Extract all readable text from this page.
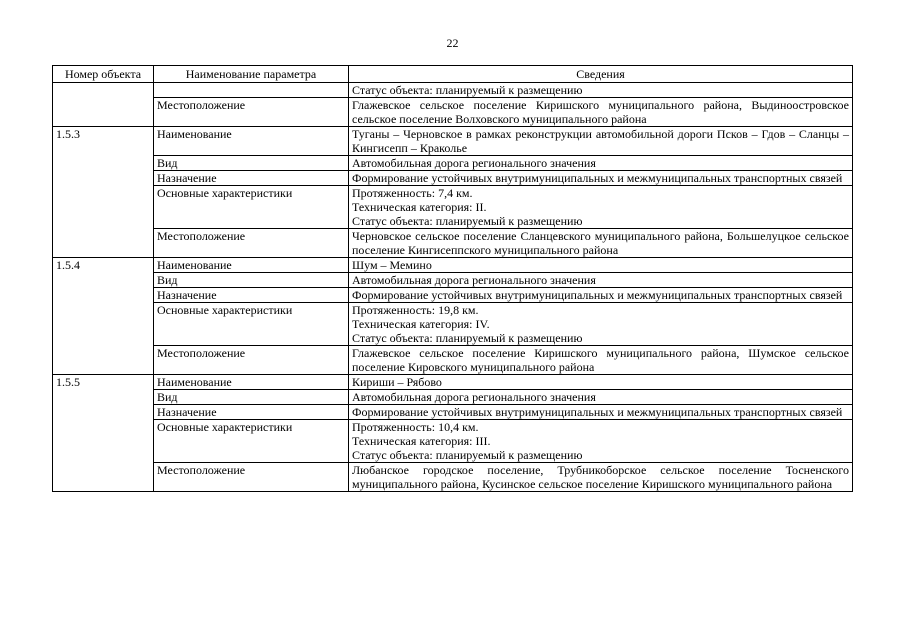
22
Номер объекта	Наименование параметра	Сведения
		Статус объекта: планируемый к размещению
	Местоположение	Глажевское сельское поселение Киришского муниципального района, Выдиноостровское сельское поселение Волховского муниципального района
1.5.3	Наименование	Туганы – Черновское в рамках реконструкции автомобильной дороги Псков – Гдов – Сланцы – Кингисепп – Краколье
	Вид	Автомобильная дорога регионального значения
	Назначение	Формирование устойчивых внутримуниципальных и межмуниципальных транспортных связей
	Основные характеристики	Протяженность: 7,4 км.
Техническая категория: II.
Статус объекта: планируемый к размещению

	Местоположение	Черновское сельское поселение Сланцевского муниципального района, Большелуцкое сельское поселение Кингисеппского муниципального района
1.5.4	Наименование	Шум – Мемино
	Вид	Автомобильная дорога регионального значения
	Назначение	Формирование устойчивых внутримуниципальных и межмуниципальных транспортных связей
	Основные характеристики	Протяженность: 19,8 км.
Техническая категория: IV.
Статус объекта: планируемый к размещению

	Местоположение	Глажевское сельское поселение Киришского муниципального района, Шумское сельское поселение Кировского муниципального района
1.5.5	Наименование	Кириши – Рябово
	Вид	Автомобильная дорога регионального значения
	Назначение	Формирование устойчивых внутримуниципальных и межмуниципальных транспортных связей
	Основные характеристики	Протяженность: 10,4 км.
Техническая категория: III.
Статус объекта: планируемый к размещению

	Местоположение	Любанское городское поселение, Трубникоборское сельское поселение Тосненского муниципального района, Кусинское сельское поселение Киришского муниципального района
